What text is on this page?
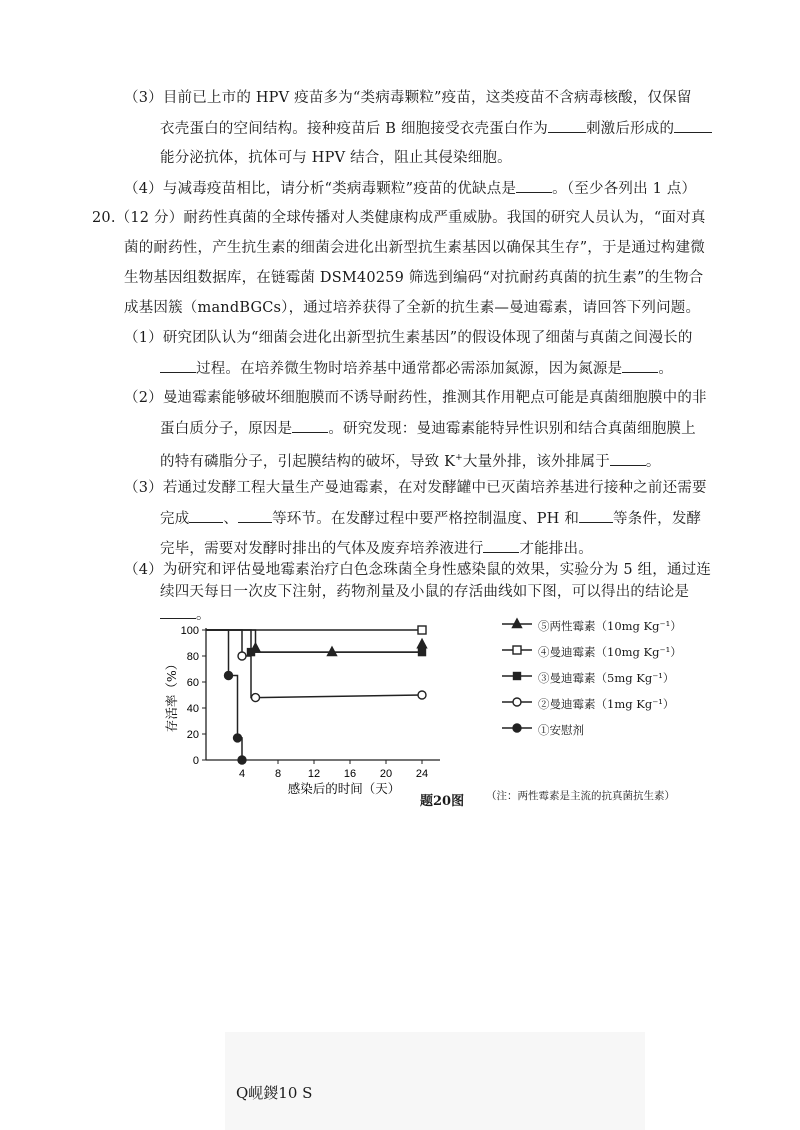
（3）目前已上市的 HPV 疫苗多为“类病毒颗粒”疫苗，这类疫苗不含病毒核酸，仅保留
衣壳蛋白的空间结构。接种疫苗后 B 细胞接受衣壳蛋白作为	刺激后形成的
能分泌抗体，抗体可与 HPV 结合，阻止其侵染细胞。
（4）与减毒疫苗相比，请分析“类病毒颗粒”疫苗的优缺点是 。（至少各列出 1 点）
20.（12 分）耐药性真菌的全球传播对人类健康构成严重威胁。我国的研究人员认为，“面对真
菌的耐药性，产生抗生素的细菌会进化出新型抗生素基因以确保其生存”，于是通过构建微
生物基因组数据库，在链霉菌 DSM40259 筛选到编码“对抗耐药真菌的抗生素”的生物合
成基因簇（mandBGCs），通过培养获得了全新的抗生素—曼迪霉素，请回答下列问题。
（1）研究团队认为“细菌会进化出新型抗生素基因”的假设体现了细菌与真菌之间漫长的
过程。在培养微生物时培养基中通常都必需添加氮源，因为氮源是 。
（2）曼迪霉素能够破坏细胞膜而不诱导耐药性，推测其作用靶点可能是真菌细胞膜中的非
蛋白质分子，原因是 。研究发现：曼迪霉素能特异性识别和结合真菌细胞膜上
的特有磷脂分子，引起膜结构的破坏，导致 K+大量外排，该外排属于 。
（3）若通过发酵工程大量生产曼迪霉素，在对发酵罐中已灭菌培养基进行接种之前还需要
完成 、 等环节。在发酵过程中要严格控制温度、PH 和 等条件，发酵
完毕，需要对发酵时排出的气体及废弃培养液进行 才能排出。
（4）为研究和评估曼地霉素治疗白色念珠菌全身性感染鼠的效果，实验分为 5 组，通过连
续四天每日一次皮下注射，药物剂量及小鼠的存活曲线如下图，可以得出的结论是
。
0
20
40
60
80
100
4	8 12 16 20 24
感染后的时间（天）
存活率（%）
⑤两性霉素（10mg Kg⁻¹）
④曼迪霉素（10mg Kg⁻¹）
③曼迪霉素（5mg Kg⁻¹）
②曼迪霉素（1mg Kg⁻¹）
①安慰剂
题20图 （注：两性霉素是主流的抗真菌抗生素）
Q岘鍐10 S
